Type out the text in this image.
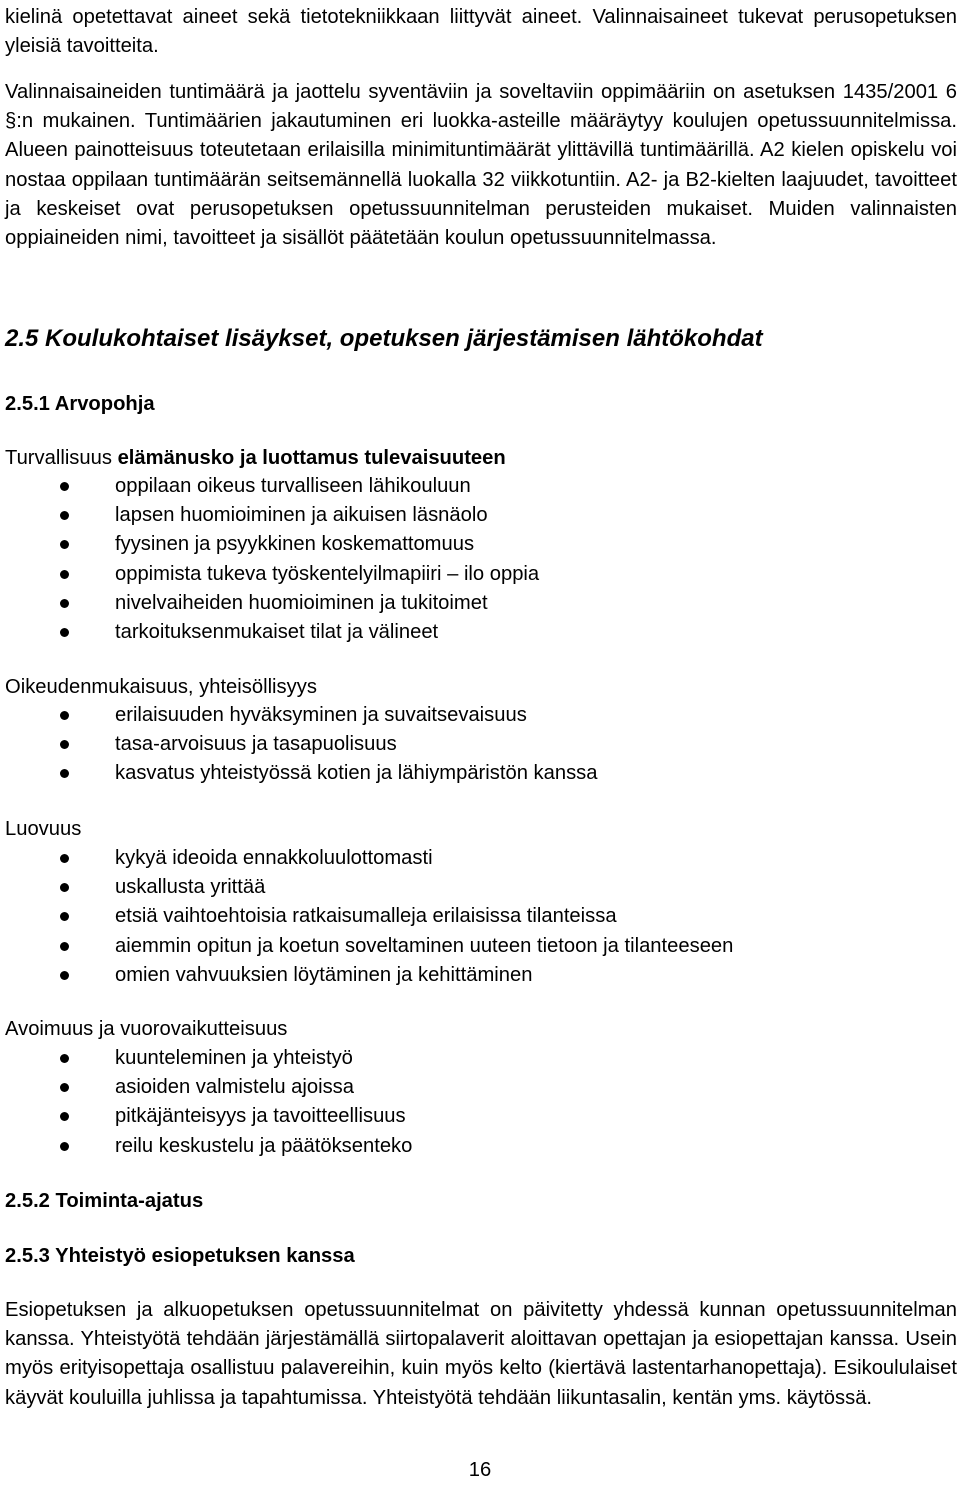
kielinä opetettavat aineet sekä tietotekniikkaan liittyvät aineet. Valinnaisaineet tukevat perusopetuksen yleisiä tavoitteita.

Valinnaisaineiden tuntimäärä ja jaottelu syventäviin ja soveltaviin oppimääriin on asetuksen 1435/2001 6 §:n mukainen. Tuntimäärien jakautuminen eri luokka-asteille määräytyy koulujen opetussuunnitelmissa. Alueen painotteisuus toteutetaan erilaisilla minimituntimäärät ylittävillä tuntimäärillä. A2 kielen opiskelu voi nostaa oppilaan tuntimäärän seitsemännellä luokalla 32 viikkotuntiin. A2- ja B2-kielten laajuudet, tavoitteet ja keskeiset ovat perusopetuksen opetussuunnitelman perusteiden mukaiset. Muiden valinnaisten oppiaineiden nimi, tavoitteet ja sisällöt päätetään koulun opetussuunnitelmassa.

2.5 Koulukohtaiset lisäykset, opetuksen järjestämisen lähtökohdat
2.5.1 Arvopohja

Turvallisuus elämänusko ja luottamus tulevaisuuteen

oppilaan oikeus turvalliseen lähikouluun
lapsen huomioiminen ja aikuisen läsnäolo
fyysinen ja psyykkinen koskemattomuus
oppimista tukeva työskentelyilmapiiri – ilo oppia
nivelvaiheiden huomioiminen ja tukitoimet
tarkoituksenmukaiset tilat ja välineet

Oikeudenmukaisuus, yhteisöllisyys

erilaisuuden hyväksyminen ja suvaitsevaisuus
tasa-arvoisuus ja tasapuolisuus
kasvatus yhteistyössä kotien ja lähiympäristön kanssa

Luovuus

kykyä ideoida ennakkoluulottomasti
uskallusta yrittää
etsiä vaihtoehtoisia ratkaisumalleja erilaisissa tilanteissa
aiemmin opitun ja koetun soveltaminen uuteen tietoon ja tilanteeseen
omien vahvuuksien löytäminen ja kehittäminen

Avoimuus ja vuorovaikutteisuus

kuunteleminen ja yhteistyö
asioiden valmistelu ajoissa
pitkäjänteisyys ja tavoitteellisuus
reilu keskustelu ja päätöksenteko
2.5.2 Toiminta-ajatus
2.5.3 Yhteistyö esiopetuksen kanssa

Esiopetuksen ja alkuopetuksen opetussuunnitelmat on päivitetty yhdessä kunnan opetussuunnitelman kanssa. Yhteistyötä tehdään järjestämällä siirtopalaverit aloittavan opettajan ja esiopettajan kanssa. Usein myös erityisopettaja osallistuu palavereihin, kuin myös kelto (kiertävä lastentarhanopettaja). Esikoululaiset käyvät kouluilla juhlissa ja tapahtumissa. Yhteistyötä tehdään liikuntasalin, kentän yms. käytössä.

16
